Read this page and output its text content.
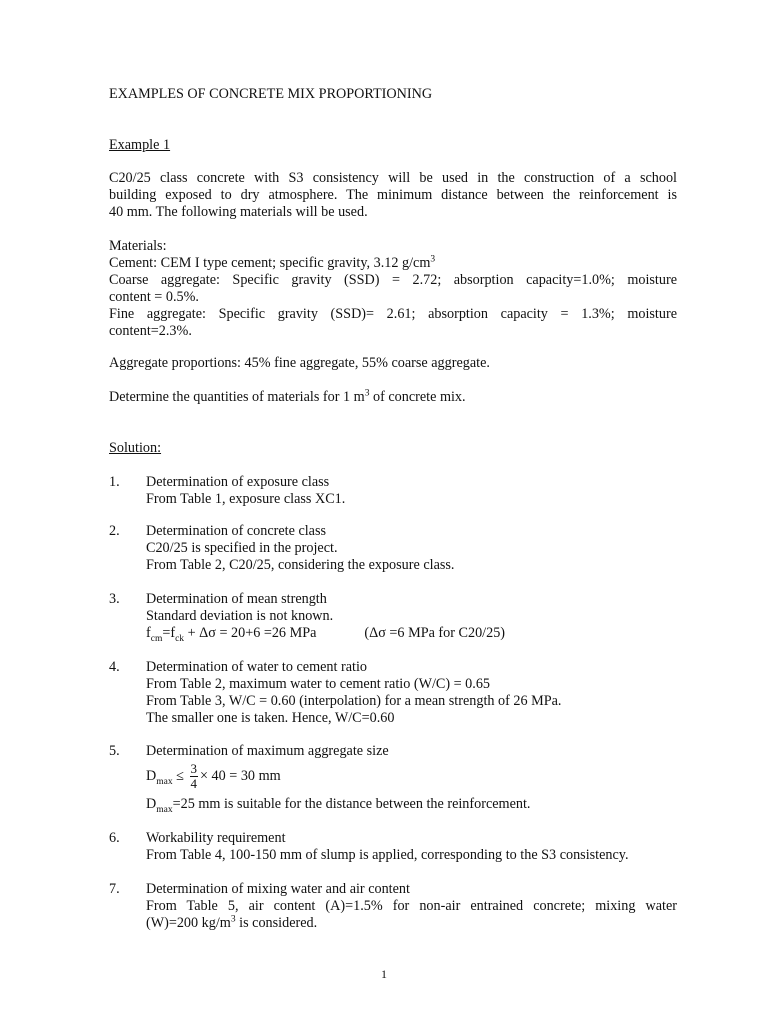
EXAMPLES OF CONCRETE MIX PROPORTIONING

Example 1

C20/25 class concrete with S3 consistency will be used in the construction of a school
building exposed to dry atmosphere. The minimum distance between the reinforcement is

40 mm. The following materials will be used.

Materials:
Cement: CEM I type cement; specific gravity, 3.12 $g/cm^3$
Coarse aggregate: Specific gravity (SSD) = 2.72; absorption capacity=1.0%; moisture
content = 0.5%.
Fine aggregate: Specific gravity (SSD)= 2.61; absorption capacity = 1.3%; moisture
content=2.3%.

Aggregate proportions: 45% fine aggregate, 55% coarse aggregate.

Determine the quantities of materials for 1 $m^3$ of concrete mix.

Solution:

1.	Determination of exposure class
From Table 1, exposure class XC1.

2.	Determination of concrete class
C20/25 is specified in the project.
From Table 2, C20/25, considering the exposure class.

3.	Determination of mean strength
Standard deviation is not known.
$f_{cm}=f_{ck} + \Delta\sigma = 20+6 =26$ MPa	(Δσ =6 MPa for C20/25)

4.	Determination of water to cement ratio
From Table 2, maximum water to cement ratio (W/C) = 0.65
From Table 3, W/C = 0.60 (interpolation) for a mean strength of 26 MPa.
The smaller one is taken. Hence, W/C=0.60

5.	Determination of maximum aggregate size
$D_{max} \le \frac{3}{4} \times 40 = 30$ mm
$D_{max}=25$ mm is suitable for the distance between the reinforcement.

6.	Workability requirement
From Table 4, 100-150 mm of slump is applied, corresponding to the S3 consistency.

7.	Determination of mixing water and air content
From Table 5, air content (A)=1.5% for non-air entrained concrete; mixing water
(W)=200 $kg/m^3$ is considered.
1
